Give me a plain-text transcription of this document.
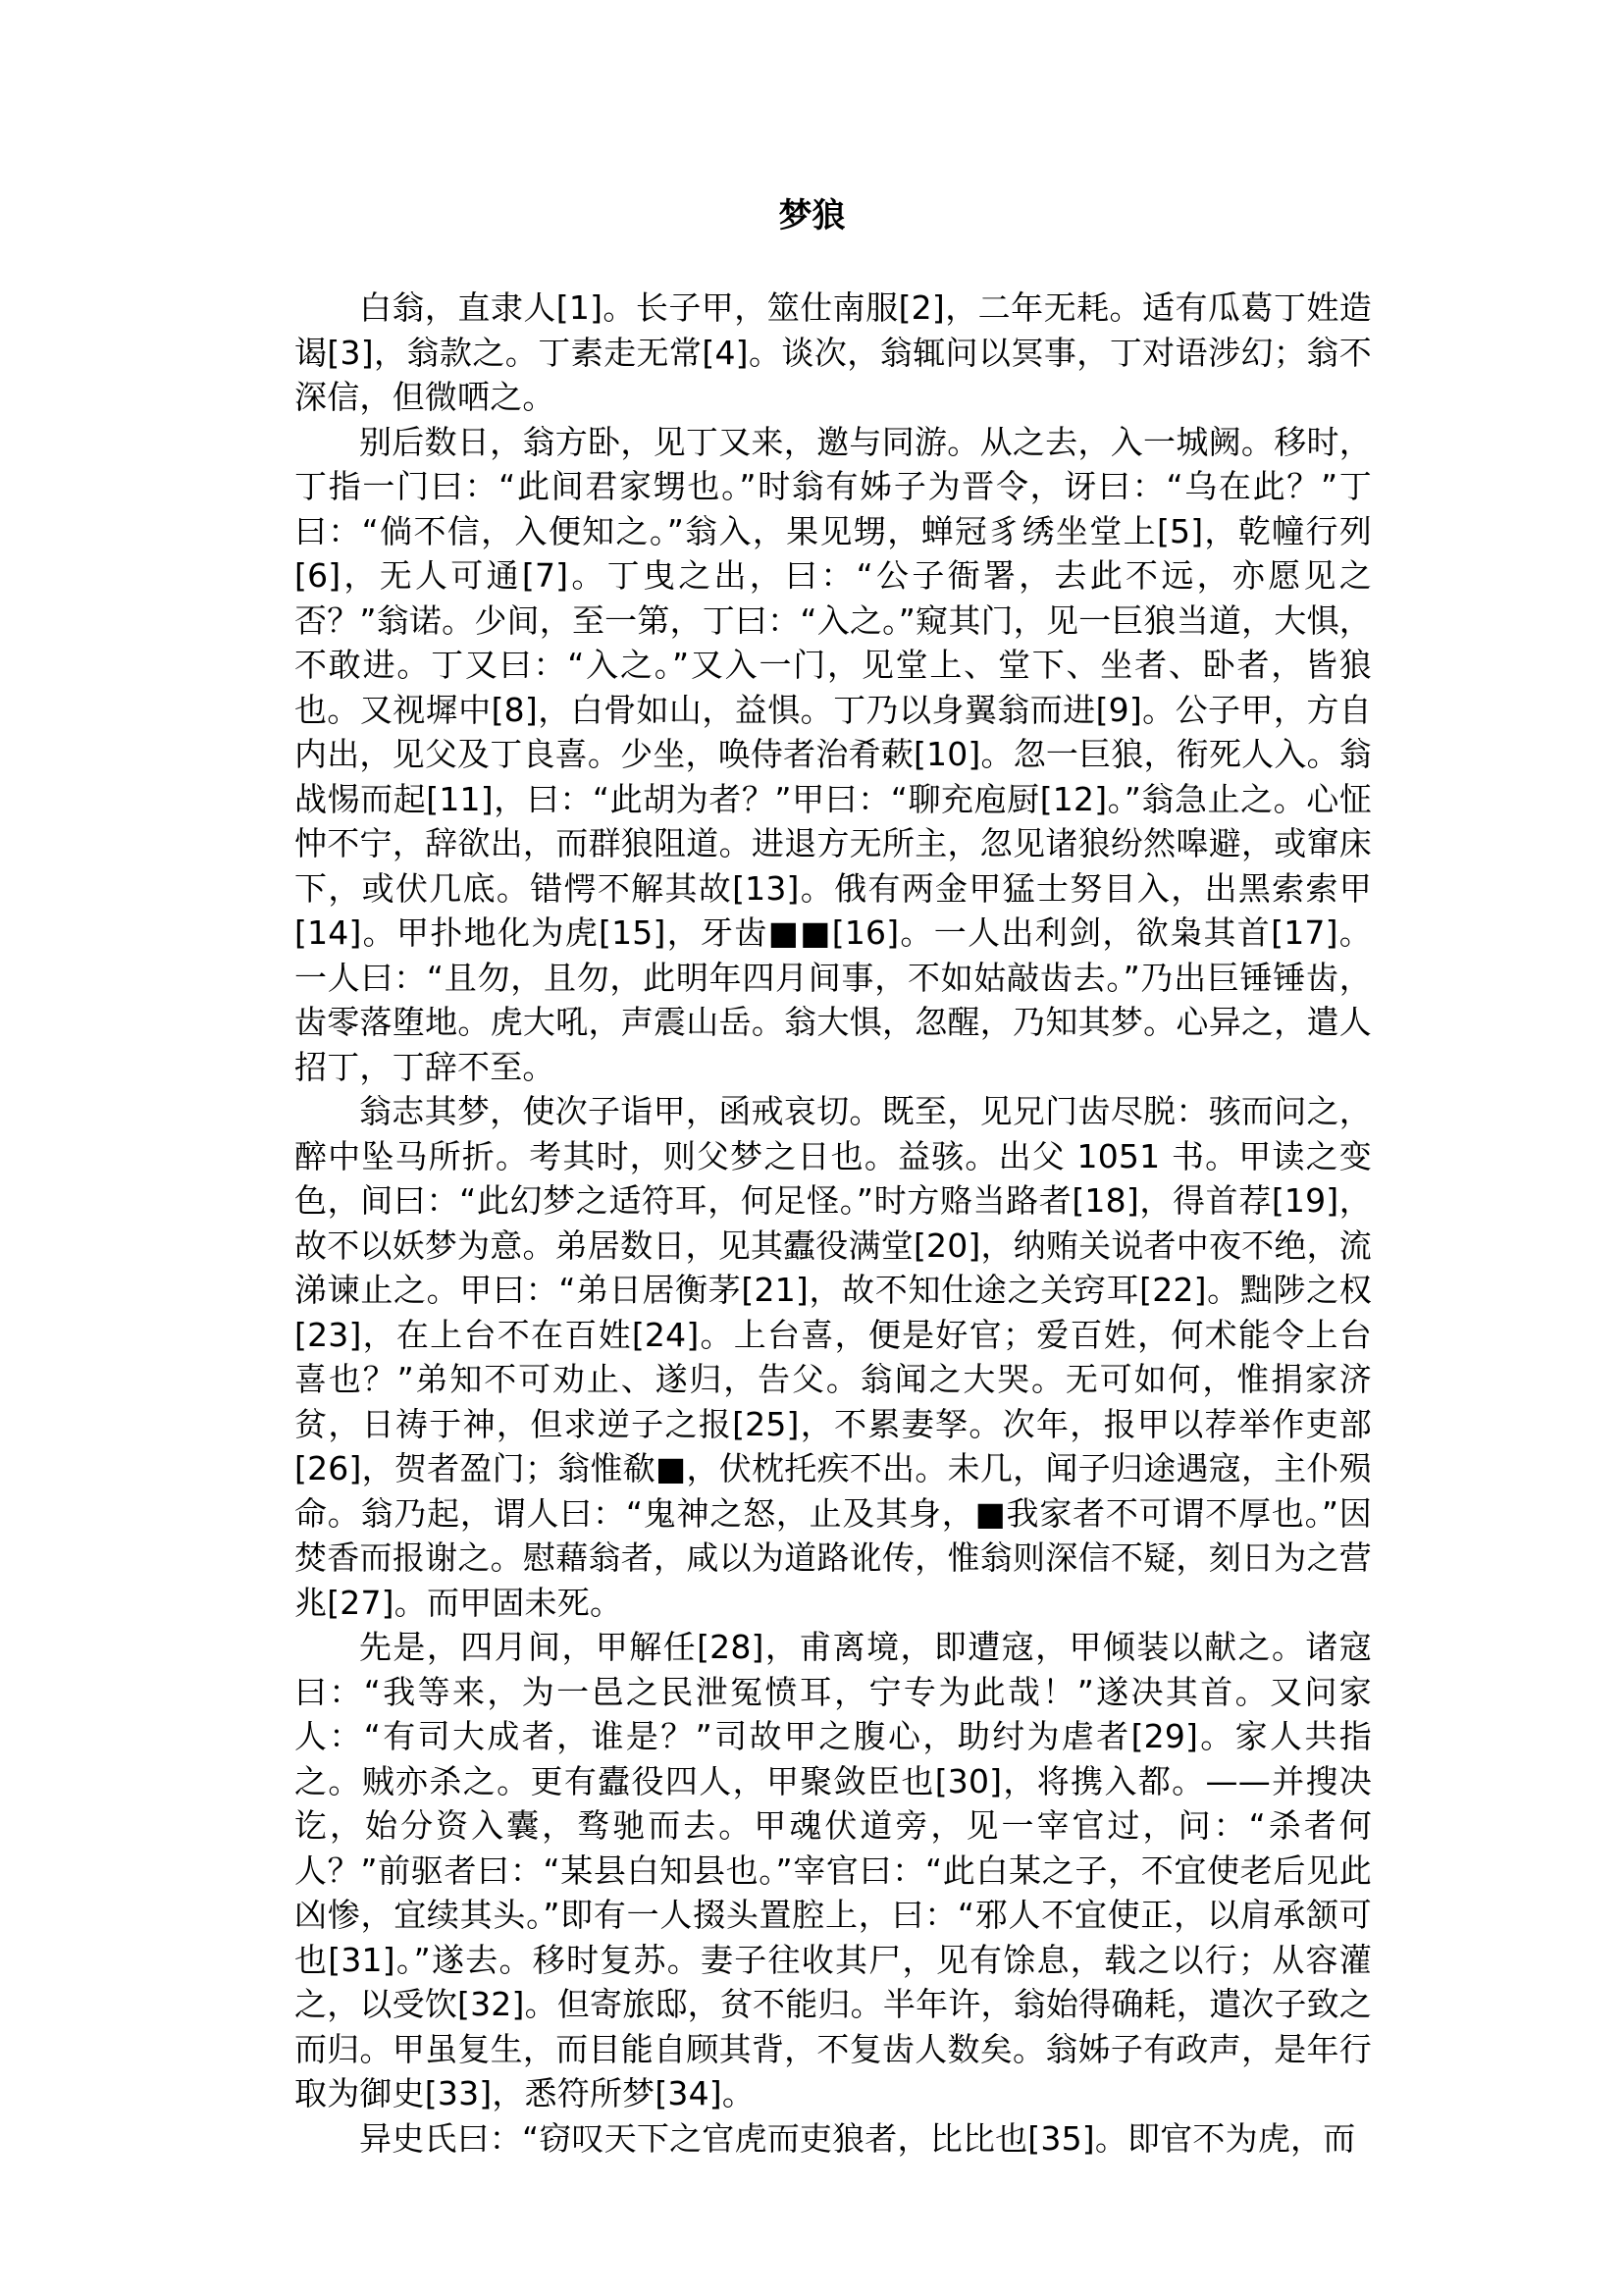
梦狼

白翁，直隶人[1]。长子甲，筮仕南服[2]，二年无耗。适有瓜葛丁姓造谒[3]，翁款之。丁素走无常[4]。谈次，翁辄问以冥事，丁对语涉幻；翁不深信，但微哂之。

别后数日，翁方卧，见丁又来，邀与同游。从之去，入一城阙。移时，丁指一门曰：“此间君家甥也。”时翁有姊子为晋令，讶曰：“乌在此？”丁曰：“倘不信，入便知之。”翁入，果见甥，蝉冠豸绣坐堂上[5]，乾幢行列[6]，无人可通[7]。丁曳之出，曰：“公子衙署，去此不远，亦愿见之否？”翁诺。少间，至一第，丁曰：“入之。”窥其门，见一巨狼当道，大惧，不敢进。丁又曰：“入之。”又入一门，见堂上、堂下、坐者、卧者，皆狼也。又视墀中[8]，白骨如山，益惧。丁乃以身翼翁而进[9]。公子甲，方自内出，见父及丁良喜。少坐，唤侍者治肴蔌[10]。忽一巨狼，衔死人入。翁战惕而起[11]，曰：“此胡为者？”甲曰：“聊充庖厨[12]。”翁急止之。心怔忡不宁，辞欲出，而群狼阻道。进退方无所主，忽见诸狼纷然嗥避，或窜床下，或伏几底。错愕不解其故[13]。俄有两金甲猛士努目入，出黑索索甲[14]。甲扑地化为虎[15]，牙齿■■[16]。一人出利剑，欲枭其首[17]。一人曰：“且勿，且勿，此明年四月间事，不如姑敲齿去。”乃出巨锤锤齿，齿零落堕地。虎大吼，声震山岳。翁大惧，忽醒，乃知其梦。心异之，遣人招丁，丁辞不至。

翁志其梦，使次子诣甲，函戒哀切。既至，见兄门齿尽脱：骇而问之，醉中坠马所折。考其时，则父梦之日也。益骇。出父 1051 书。甲读之变色，间曰：“此幻梦之适符耳，何足怪。”时方赂当路者[18]，得首荐[19]，故不以妖梦为意。弟居数日，见其蠹役满堂[20]，纳贿关说者中夜不绝，流涕谏止之。甲曰：“弟日居衡茅[21]，故不知仕途之关窍耳[22]。黜陟之权[23]，在上台不在百姓[24]。上台喜，便是好官；爱百姓，何术能令上台喜也？”弟知不可劝止、遂归，告父。翁闻之大哭。无可如何，惟捐家济贫，日祷于神，但求逆子之报[25]，不累妻孥。次年，报甲以荐举作吏部[26]，贺者盈门；翁惟欷■，伏枕托疾不出。未几，闻子归途遇寇，主仆殒命。翁乃起，谓人曰：“鬼神之怒，止及其身，■我家者不可谓不厚也。”因焚香而报谢之。慰藉翁者，咸以为道路讹传，惟翁则深信不疑，刻日为之营兆[27]。而甲固未死。

先是，四月间，甲解任[28]，甫离境，即遭寇，甲倾装以献之。诸寇曰：“我等来，为一邑之民泄冤愤耳，宁专为此哉！”遂决其首。又问家人：“有司大成者，谁是？”司故甲之腹心，助纣为虐者[29]。家人共指之。贼亦杀之。更有蠹役四人，甲聚敛臣也[30]，将携入都。——并搜决讫，始分资入囊，骛驰而去。甲魂伏道旁，见一宰官过，问：“杀者何人？”前驱者曰：“某县白知县也。”宰官曰：“此白某之子，不宜使老后见此凶惨，宜续其头。”即有一人掇头置腔上，曰：“邪人不宜使正，以肩承颔可也[31]。”遂去。移时复苏。妻子往收其尸，见有馀息，载之以行；从容灌之，以受饮[32]。但寄旅邸，贫不能归。半年许，翁始得确耗，遣次子致之而归。甲虽复生，而目能自顾其背，不复齿人数矣。翁姊子有政声，是年行取为御史[33]，悉符所梦[34]。

异史氏曰：“窃叹天下之官虎而吏狼者，比比也[35]。即官不为虎，而
